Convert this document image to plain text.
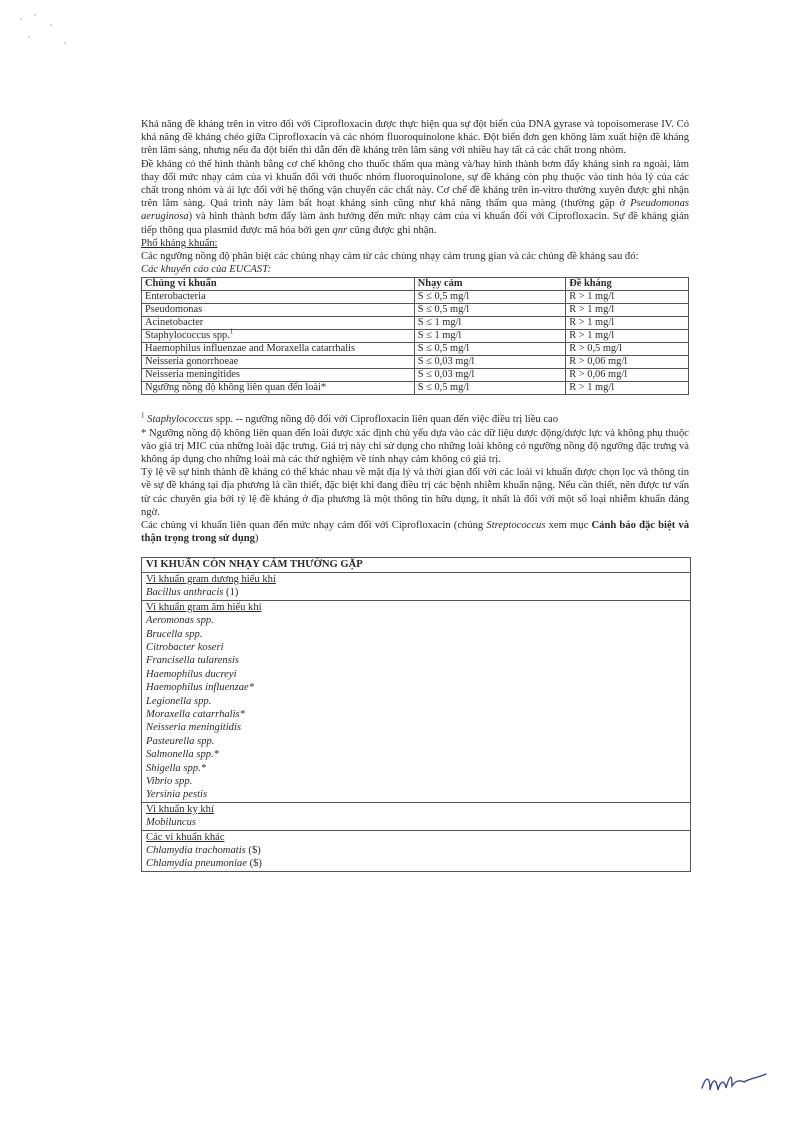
Khả năng đề kháng trên in vitro đối với Ciprofloxacin được thực hiện qua sự đột biến của DNA gyrase và topoisomerase IV. Có khả năng đề kháng chéo giữa Ciprofloxacin và các nhóm fluoroquinolone khác. Đột biến đơn gen không làm xuất hiện đề kháng trên lâm sàng, nhưng nếu đa đột biến thì dẫn đến đề kháng trên lâm sàng với nhiều hay tất cả các chất trong nhóm.

Đề kháng có thể hình thành bằng cơ chế không cho thuốc thấm qua màng và/hay hình thành bơm đẩy kháng sinh ra ngoài, làm thay đổi mức nhạy cảm của vi khuẩn đối với thuốc nhóm fluoroquinolone, sự đề kháng còn phụ thuộc vào tính hóa lý của các chất trong nhóm và ái lực đối với hệ thống vận chuyển các chất này. Cơ chế đề kháng trên in-vitro thường xuyên được ghi nhận trên lâm sàng. Quá trình này làm bất hoạt kháng sinh cũng như khả năng thấm qua màng (thường gặp ở Pseudomonas aeruginosa) và hình thành bơm đẩy làm ảnh hưởng đến mức nhạy cảm của vi khuẩn đối với Ciprofloxacin. Sự đề kháng gián tiếp thông qua plasmid được mã hóa bởi gen qnr cũng được ghi nhận.

Phổ kháng khuẩn:

Các ngưỡng nồng độ phân biệt các chủng nhạy cảm từ các chủng nhạy cảm trung gian và các chủng đề kháng sau đó:

Các khuyến cáo của EUCAST:

Chủng vi khuẩn	Nhạy cảm	Đề kháng
Enterobacteria	S ≤ 0,5 mg/l	R > 1 mg/l
Pseudomonas	S ≤ 0,5 mg/l	R > 1 mg/l
Acinetobacter	S ≤ 1 mg/l	R > 1 mg/l
Staphylococcus spp.$^1$	S ≤ 1 mg/l	R > 1 mg/l
Haemophilus influenzae and Moraxella catarrhalis	S ≤ 0,5 mg/l	R > 0,5 mg/l
Neisseria gonorrhoeae	S ≤ 0,03 mg/l	R > 0,06 mg/l
Neisseria meningitides	S ≤ 0,03 mg/l	R > 0,06 mg/l
Ngưỡng nồng độ không liên quan đến loài*	S ≤ 0,5 mg/l	R > 1 mg/l

$^1$ Staphylococcus spp. -- ngưỡng nồng độ đối với Ciprofloxacin liên quan đến việc điều trị liều cao

* Ngưỡng nồng độ không liên quan đến loài được xác định chủ yếu dựa vào các dữ liệu dược động/dược lực và không phụ thuộc vào giá trị MIC của những loài đặc trưng. Giá trị này chỉ sử dụng cho những loài không có ngưỡng nồng độ ngưỡng đặc trưng và không áp dụng cho những loài mà các thử nghiệm về tính nhạy cảm không có giá trị.

Tỷ lệ về sự hình thành đề kháng có thể khác nhau về mặt địa lý và thời gian đối với các loài vi khuẩn được chọn lọc và thông tin về sự đề kháng tại địa phương là cần thiết, đặc biệt khi đang điều trị các bệnh nhiễm khuẩn nặng. Nếu cần thiết, nên được tư vấn từ các chuyên gia bởi tỷ lệ đề kháng ở địa phương là một thông tin hữu dụng, ít nhất là đối với một số loại nhiễm khuẩn đáng ngờ.

Các chủng vi khuẩn liên quan đến mức nhạy cảm đối với Ciprofloxacin (chủng Streptococcus xem mục Cảnh báo đặc biệt và thận trọng trong sử dụng)

VI KHUẨN CÒN NHẠY CẢM THƯỜNG GẶP
Vi khuẩn gram dương hiếu khí
Bacillus anthracis (1)
Vi khuẩn gram âm hiếu khí
Aeromonas spp.
Brucella spp.
Citrobacter koseri
Francisella tularensis
Haemophilus ducreyi
Haemophilus influenzae*
Legionella spp.
Moraxella catarrhalis*
Neisseria meningitidis
Pasteurella spp.
Salmonella spp.*
Shigella spp.*
Vibrio spp.
Yersinia pestis
Vi khuẩn kỵ khí
Mobiluncus
Các vi khuẩn khác
Chlamydia trachomatis ($)
Chlamydia pneumoniae ($)
